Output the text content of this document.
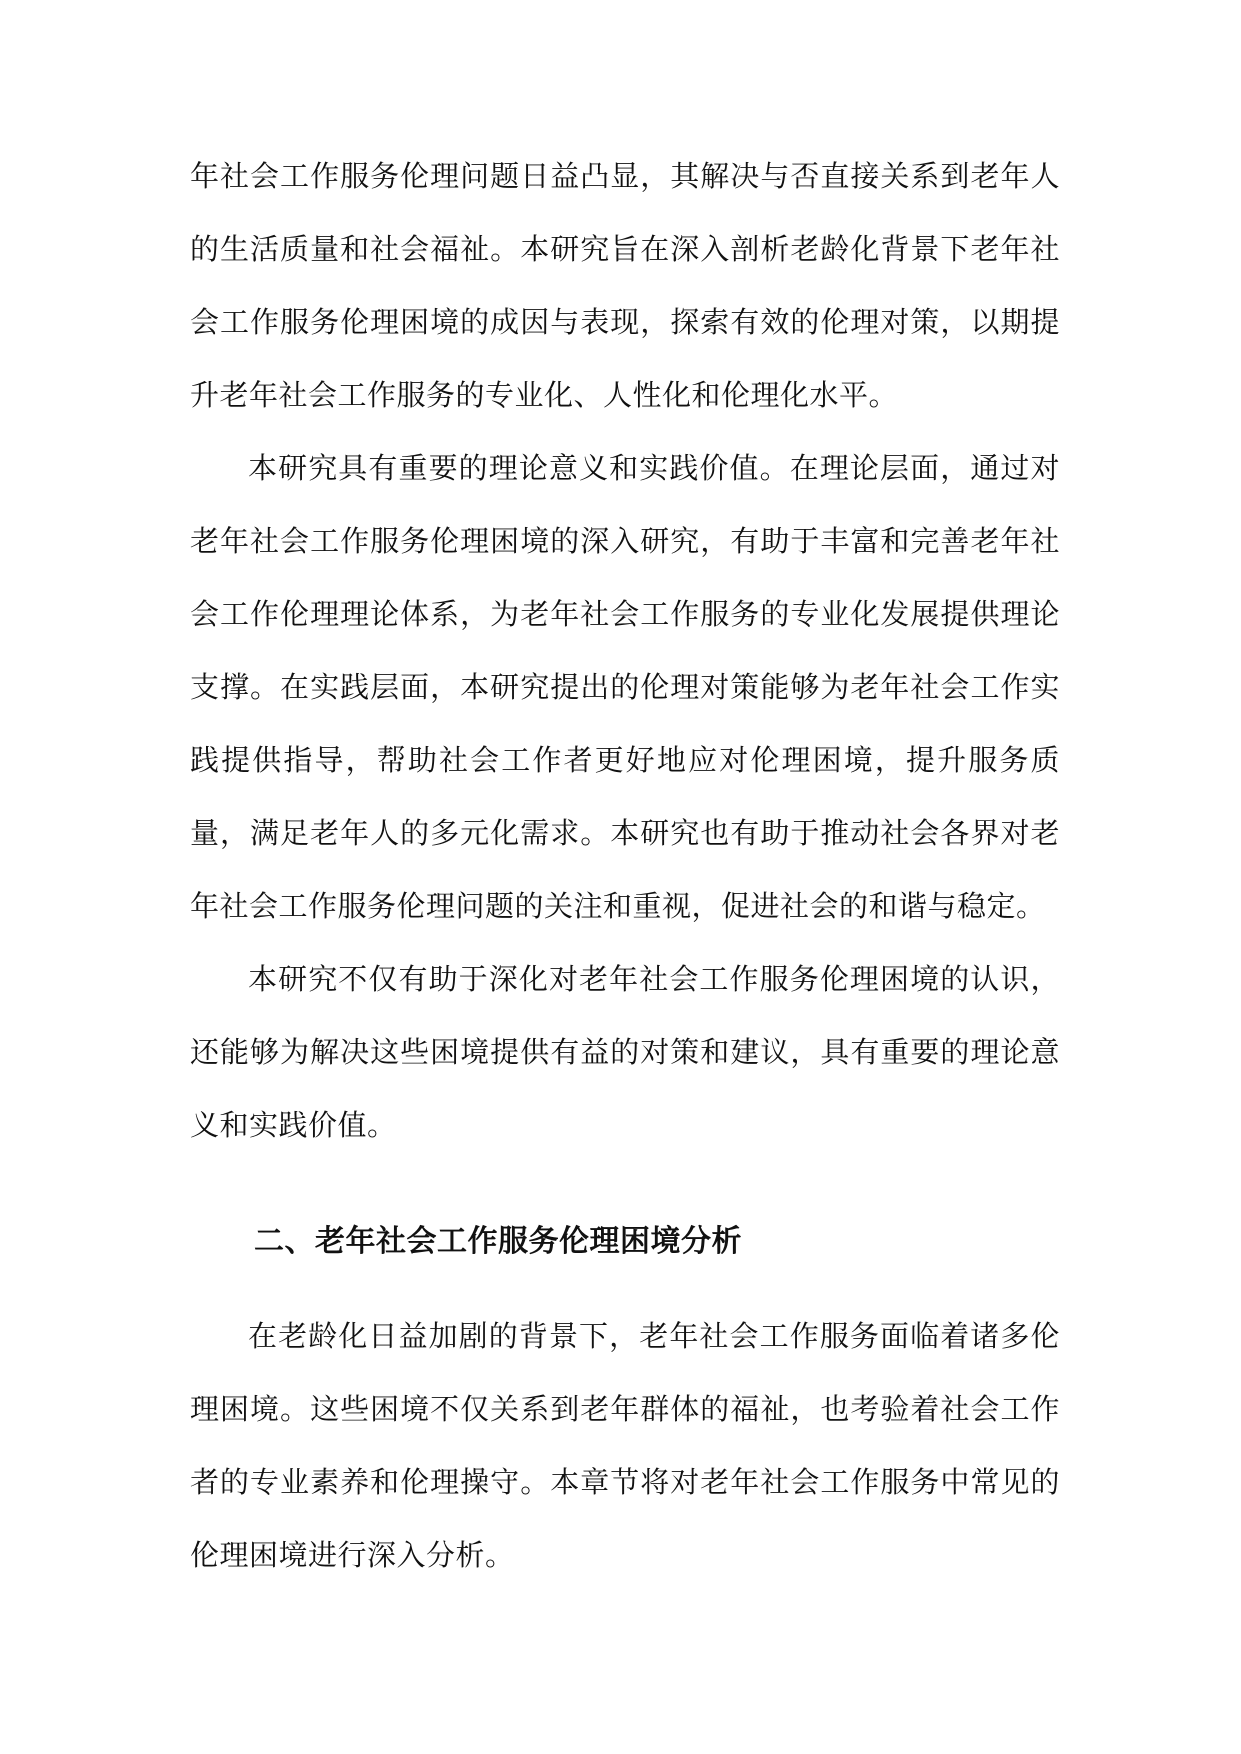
年社会工作服务伦理问题日益凸显，其解决与否直接关系到老年人的生活质量和社会福祉。本研究旨在深入剖析老龄化背景下老年社会工作服务伦理困境的成因与表现，探索有效的伦理对策，以期提升老年社会工作服务的专业化、人性化和伦理化水平。

本研究具有重要的理论意义和实践价值。在理论层面，通过对老年社会工作服务伦理困境的深入研究，有助于丰富和完善老年社会工作伦理理论体系，为老年社会工作服务的专业化发展提供理论支撑。在实践层面，本研究提出的伦理对策能够为老年社会工作实践提供指导，帮助社会工作者更好地应对伦理困境，提升服务质量，满足老年人的多元化需求。本研究也有助于推动社会各界对老年社会工作服务伦理问题的关注和重视，促进社会的和谐与稳定。

本研究不仅有助于深化对老年社会工作服务伦理困境的认识，还能够为解决这些困境提供有益的对策和建议，具有重要的理论意义和实践价值。

二、老年社会工作服务伦理困境分析

在老龄化日益加剧的背景下，老年社会工作服务面临着诸多伦理困境。这些困境不仅关系到老年群体的福祉，也考验着社会工作者的专业素养和伦理操守。本章节将对老年社会工作服务中常见的伦理困境进行深入分析。
